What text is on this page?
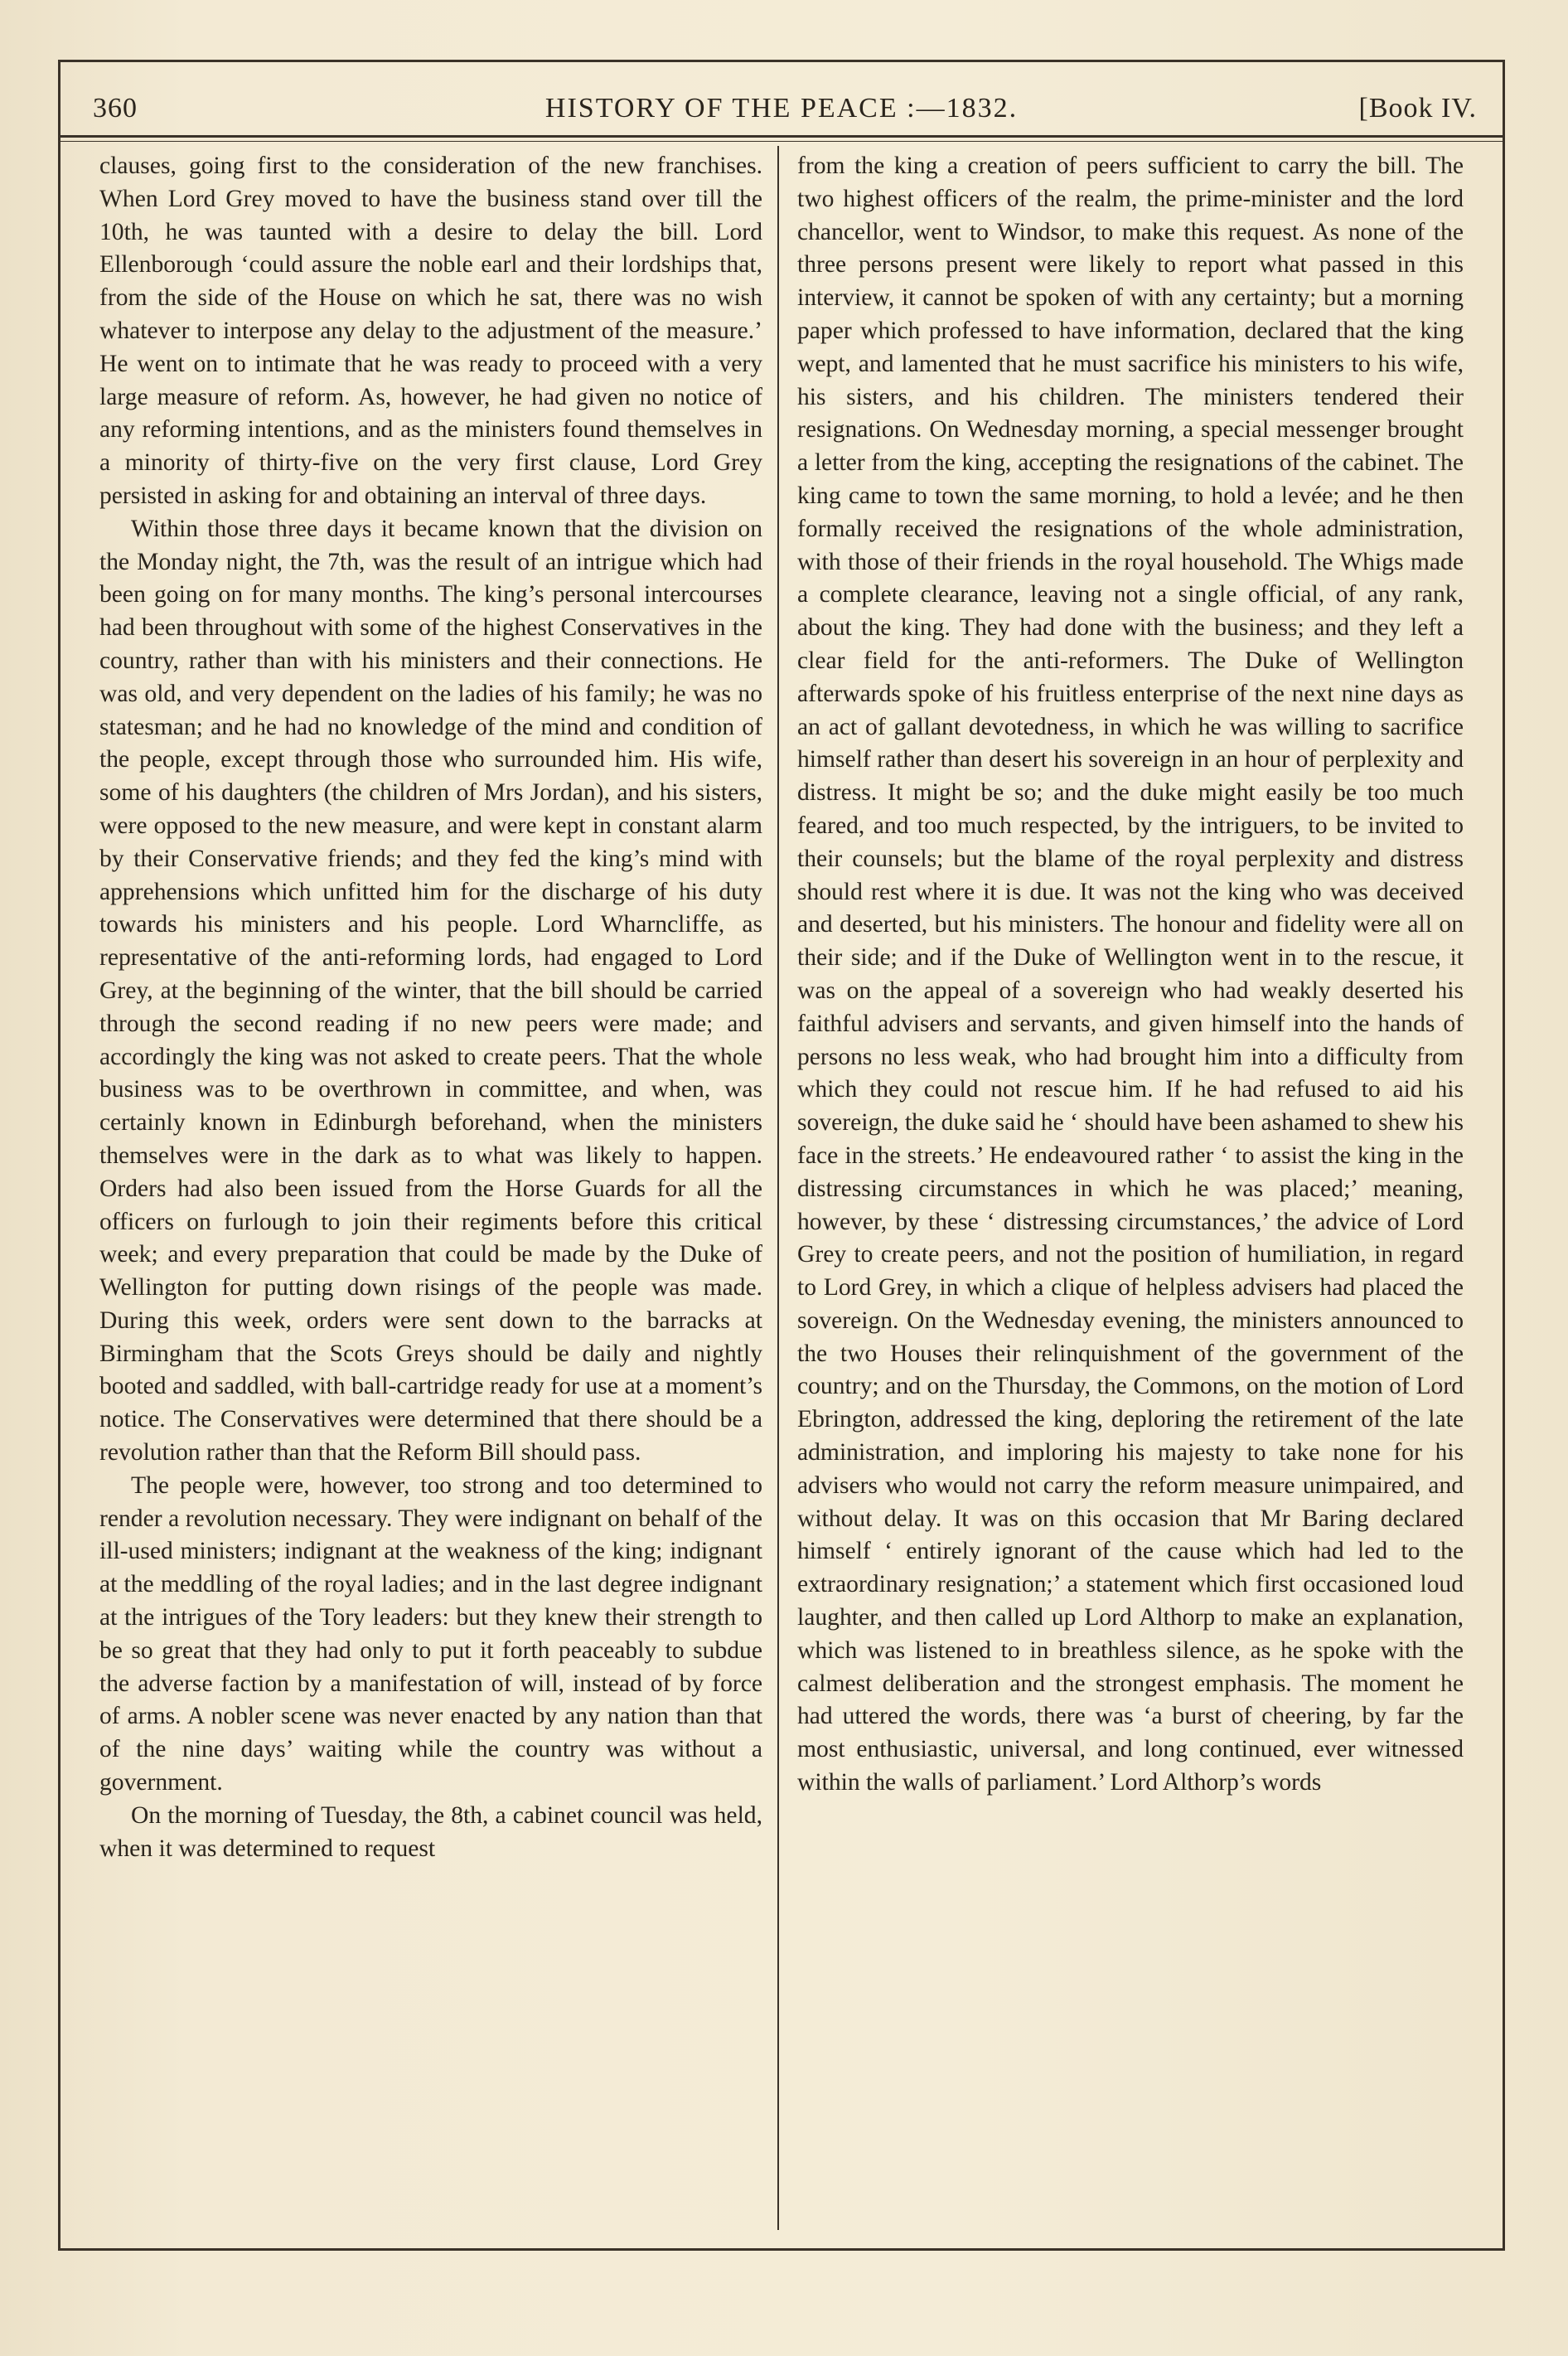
360	HISTORY OF THE PEACE :—1832.	[Book IV.

clauses, going first to the consideration of the new franchises. When Lord Grey moved to have the business stand over till the 10th, he was taunted with a desire to delay the bill. Lord Ellenborough ‘could assure the noble earl and their lordships that, from the side of the House on which he sat, there was no wish whatever to interpose any delay to the adjustment of the measure.’ He went on to intimate that he was ready to proceed with a very large measure of reform. As, however, he had given no notice of any reforming intentions, and as the ministers found themselves in a minority of thirty-five on the very first clause, Lord Grey persisted in asking for and obtaining an interval of three days.

Within those three days it became known that the division on the Monday night, the 7th, was the result of an intrigue which had been going on for many months. The king’s personal intercourses had been throughout with some of the highest Conservatives in the country, rather than with his ministers and their connections. He was old, and very dependent on the ladies of his family; he was no statesman; and he had no knowledge of the mind and condition of the people, except through those who surrounded him. His wife, some of his daughters (the children of Mrs Jordan), and his sisters, were opposed to the new measure, and were kept in constant alarm by their Conservative friends; and they fed the king’s mind with apprehensions which unfitted him for the discharge of his duty towards his ministers and his people. Lord Wharncliffe, as representative of the anti-reforming lords, had engaged to Lord Grey, at the beginning of the winter, that the bill should be carried through the second reading if no new peers were made; and accordingly the king was not asked to create peers. That the whole business was to be overthrown in committee, and when, was certainly known in Edinburgh beforehand, when the ministers themselves were in the dark as to what was likely to happen. Orders had also been issued from the Horse Guards for all the officers on furlough to join their regiments before this critical week; and every preparation that could be made by the Duke of Wellington for putting down risings of the people was made. During this week, orders were sent down to the barracks at Birmingham that the Scots Greys should be daily and nightly booted and saddled, with ball-cartridge ready for use at a moment’s notice. The Conservatives were determined that there should be a revolution rather than that the Reform Bill should pass.

The people were, however, too strong and too determined to render a revolution necessary. They were indignant on behalf of the ill-used ministers; indignant at the weakness of the king; indignant at the meddling of the royal ladies; and in the last degree indignant at the intrigues of the Tory leaders: but they knew their strength to be so great that they had only to put it forth peaceably to subdue the adverse faction by a manifestation of will, instead of by force of arms. A nobler scene was never enacted by any nation than that of the nine days’ waiting while the country was without a government.

On the morning of Tuesday, the 8th, a cabinet council was held, when it was determined to request

from the king a creation of peers sufficient to carry the bill. The two highest officers of the realm, the prime-minister and the lord chancellor, went to Windsor, to make this request. As none of the three persons present were likely to report what passed in this interview, it cannot be spoken of with any certainty; but a morning paper which professed to have information, declared that the king wept, and lamented that he must sacrifice his ministers to his wife, his sisters, and his children. The ministers tendered their resignations. On Wednesday morning, a special messenger brought a letter from the king, accepting the resignations of the cabinet. The king came to town the same morning, to hold a levée; and he then formally received the resignations of the whole administration, with those of their friends in the royal household. The Whigs made a complete clearance, leaving not a single official, of any rank, about the king. They had done with the business; and they left a clear field for the anti-reformers. The Duke of Wellington afterwards spoke of his fruitless enterprise of the next nine days as an act of gallant devotedness, in which he was willing to sacrifice himself rather than desert his sovereign in an hour of perplexity and distress. It might be so; and the duke might easily be too much feared, and too much respected, by the intriguers, to be invited to their counsels; but the blame of the royal perplexity and distress should rest where it is due. It was not the king who was deceived and deserted, but his ministers. The honour and fidelity were all on their side; and if the Duke of Wellington went in to the rescue, it was on the appeal of a sovereign who had weakly deserted his faithful advisers and servants, and given himself into the hands of persons no less weak, who had brought him into a difficulty from which they could not rescue him. If he had refused to aid his sovereign, the duke said he ‘ should have been ashamed to shew his face in the streets.’ He endeavoured rather ‘ to assist the king in the distressing circumstances in which he was placed;’ meaning, however, by these ‘ distressing circumstances,’ the advice of Lord Grey to create peers, and not the position of humiliation, in regard to Lord Grey, in which a clique of helpless advisers had placed the sovereign. On the Wednesday evening, the ministers announced to the two Houses their relinquishment of the government of the country; and on the Thursday, the Commons, on the motion of Lord Ebrington, addressed the king, deploring the retirement of the late administration, and imploring his majesty to take none for his advisers who would not carry the reform measure unimpaired, and without delay. It was on this occasion that Mr Baring declared himself ‘ entirely ignorant of the cause which had led to the extraordinary resignation;’ a statement which first occasioned loud laughter, and then called up Lord Althorp to make an explanation, which was listened to in breathless silence, as he spoke with the calmest deliberation and the strongest emphasis. The moment he had uttered the words, there was ‘a burst of cheering, by far the most enthusiastic, universal, and long continued, ever witnessed within the walls of parliament.’ Lord Althorp’s words
